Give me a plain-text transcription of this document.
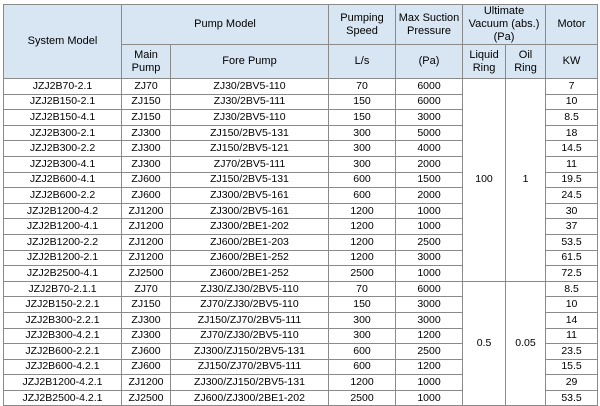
System Model	Pump Model		Pumping Speed	Max Suction Pressure	Ultimate Vacuum (abs.)(Pa)		Motor
	Main Pump	Fore Pump	L/s	(Pa)	Liquid Ring	Oil Ring	KW
JZJ2B70-2.1	ZJ70	ZJ30/2BV5-110	70	6000	100	1	7
JZJ2B150-2.1	ZJ150	ZJ30/2BV5-111	150	6000			10
JZJ2B150-4.1	ZJ150	ZJ30/2BV5-110	150	3000			8.5
JZJ2B300-2.1	ZJ300	ZJ150/2BV5-131	300	5000			18
JZJ2B300-2.2	ZJ300	ZJ150/2BV5-121	300	4000			14.5
JZJ2B300-4.1	ZJ300	ZJ70/2BV5-111	300	2000			11
JZJ2B600-4.1	ZJ600	ZJ150/2BV5-131	600	1500			19.5
JZJ2B600-2.2	ZJ600	ZJ300/2BV5-161	600	2000			24.5
JZJ2B1200-4.2	ZJ1200	ZJ300/2BV5-161	1200	1000			30
JZJ2B1200-4.1	ZJ1200	ZJ300/2BE1-202	1200	1000			37
JZJ2B1200-2.2	ZJ1200	ZJ600/2BE1-203	1200	2500			53.5
JZJ2B1200-2.1	ZJ1200	ZJ600/2BE1-252	1200	3000			61.5
JZJ2B2500-4.1	ZJ2500	ZJ600/2BE1-252	2500	1000			72.5
JZJ2B70-2.1.1	ZJ70	ZJ30/ZJ30/2BV5-110	70	6000	0.5	0.05	8.5
JZJ2B150-2.2.1	ZJ150	ZJ70/ZJ30/2BV5-110	150	3000			10
JZJ2B300-2.2.1	ZJ300	ZJ150/ZJ70/2BV5-111	300	3000			14
JZJ2B300-4.2.1	ZJ300	ZJ70/ZJ30/2BV5-110	300	1200			11
JZJ2B600-2.2.1	ZJ600	ZJ300/ZJ150/2BV5-131	600	2500			23.5
JZJ2B600-4.2.1	ZJ600	ZJ150/ZJ70/2BV5-111	600	1200			15.5
JZJ2B1200-4.2.1	ZJ1200	ZJ300/ZJ150/2BV5-131	1200	1000			29
JZJ2B2500-4.2.1	ZJ2500	ZJ600/ZJ300/2BE1-202	2500	1000			53.5
